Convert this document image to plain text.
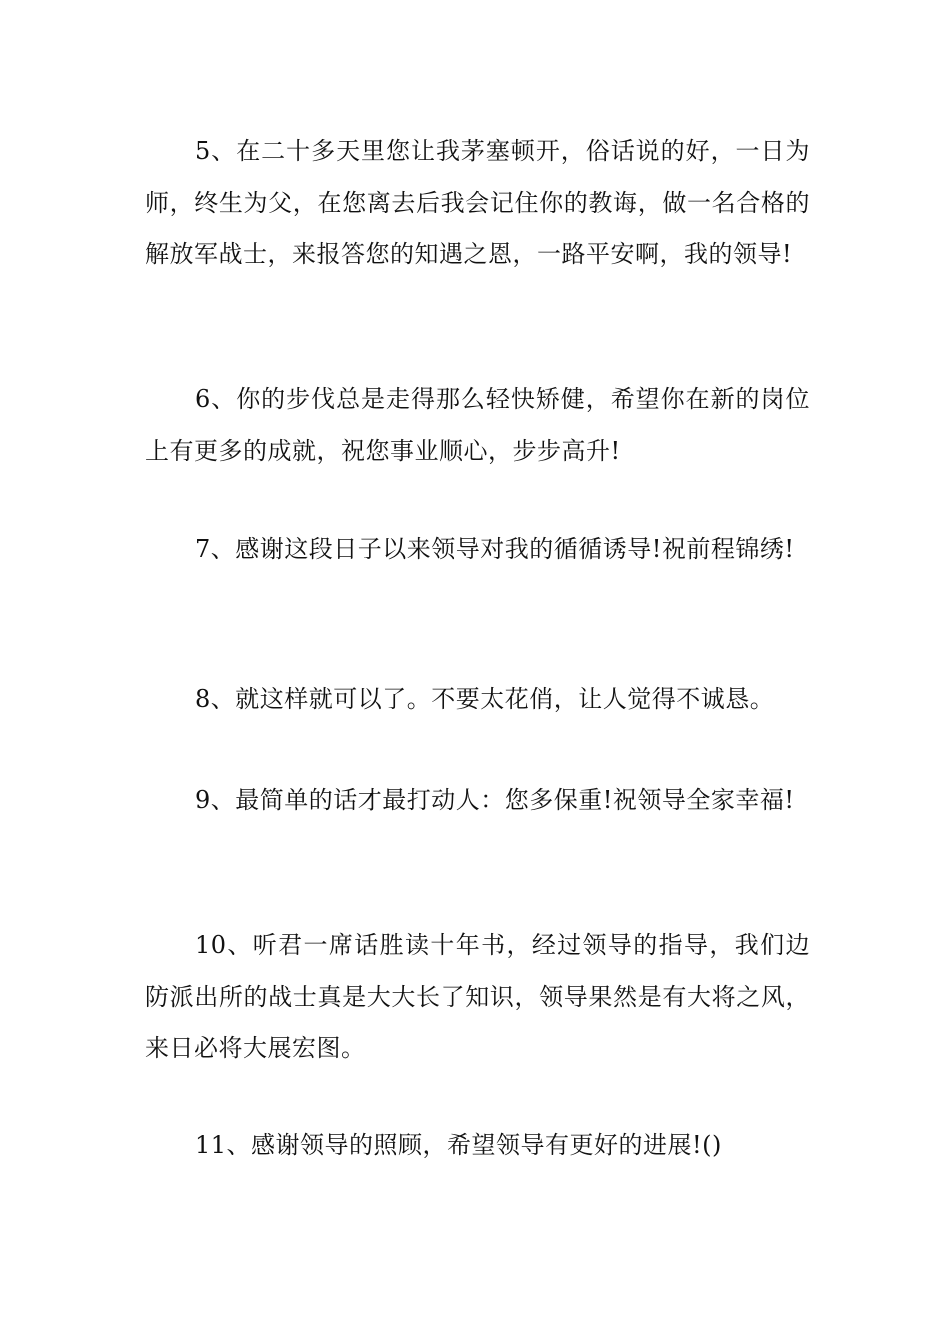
5、在二十多天里您让我茅塞顿开，俗话说的好，一日为师，终生为父，在您离去后我会记住你的教诲，做一名合格的解放军战士，来报答您的知遇之恩，一路平安啊，我的领导!

6、你的步伐总是走得那么轻快矫健，希望你在新的岗位上有更多的成就，祝您事业顺心，步步高升!

7、感谢这段日子以来领导对我的循循诱导!祝前程锦绣!

8、就这样就可以了。不要太花俏，让人觉得不诚恳。

9、最简单的话才最打动人：您多保重!祝领导全家幸福!

10、听君一席话胜读十年书，经过领导的指导，我们边防派出所的战士真是大大长了知识，领导果然是有大将之风，来日必将大展宏图。

11、感谢领导的照顾，希望领导有更好的进展!()
